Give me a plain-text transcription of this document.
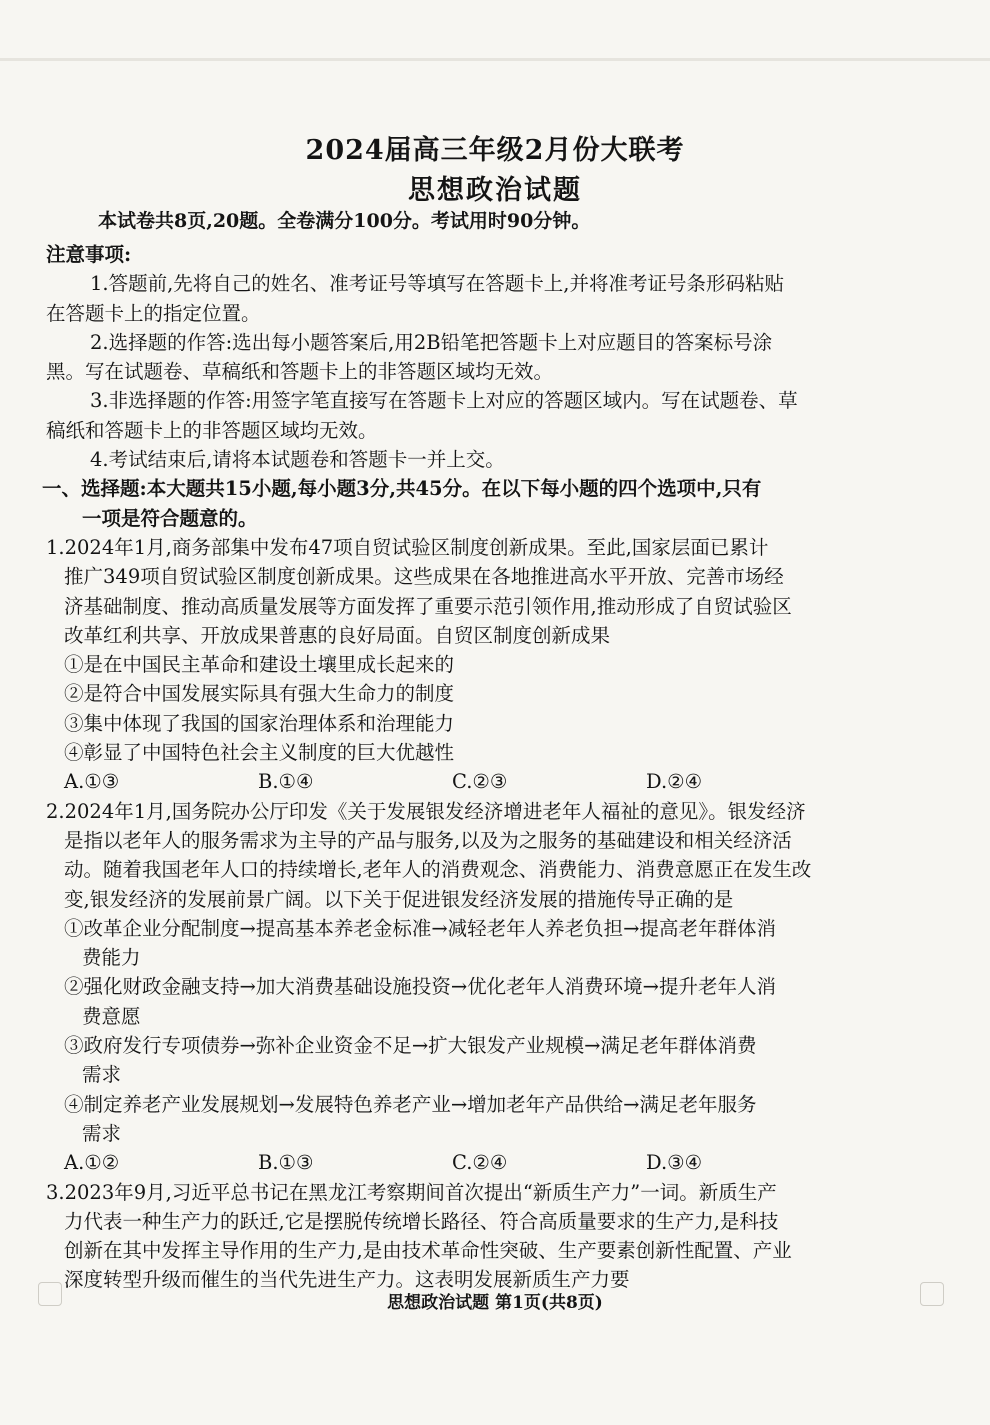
2024届高三年级2月份大联考
思想政治试题
本试卷共8页,20题。全卷满分100分。考试用时90分钟。
注意事项:
1.答题前,先将自己的姓名、准考证号等填写在答题卡上,并将准考证号条形码粘贴
在答题卡上的指定位置。
2.选择题的作答:选出每小题答案后,用2B铅笔把答题卡上对应题目的答案标号涂
黑。写在试题卷、草稿纸和答题卡上的非答题区域均无效。
3.非选择题的作答:用签字笔直接写在答题卡上对应的答题区域内。写在试题卷、草
稿纸和答题卡上的非答题区域均无效。
4.考试结束后,请将本试题卷和答题卡一并上交。
一、选择题:本大题共15小题,每小题3分,共45分。在以下每小题的四个选项中,只有
一项是符合题意的。
1.2024年1月,商务部集中发布47项自贸试验区制度创新成果。至此,国家层面已累计
推广349项自贸试验区制度创新成果。这些成果在各地推进高水平开放、完善市场经
济基础制度、推动高质量发展等方面发挥了重要示范引领作用,推动形成了自贸试验区
改革红利共享、开放成果普惠的良好局面。自贸区制度创新成果
①是在中国民主革命和建设土壤里成长起来的
②是符合中国发展实际具有强大生命力的制度
③集中体现了我国的国家治理体系和治理能力
④彰显了中国特色社会主义制度的巨大优越性
A.①③	B.①④	C.②③	D.②④
2.2024年1月,国务院办公厅印发《关于发展银发经济增进老年人福祉的意见》。银发经济
是指以老年人的服务需求为主导的产品与服务,以及为之服务的基础建设和相关经济活
动。随着我国老年人口的持续增长,老年人的消费观念、消费能力、消费意愿正在发生改
变,银发经济的发展前景广阔。以下关于促进银发经济发展的措施传导正确的是
①改革企业分配制度→提高基本养老金标准→减轻老年人养老负担→提高老年群体消
费能力
②强化财政金融支持→加大消费基础设施投资→优化老年人消费环境→提升老年人消
费意愿
③政府发行专项债券→弥补企业资金不足→扩大银发产业规模→满足老年群体消费
需求
④制定养老产业发展规划→发展特色养老产业→增加老年产品供给→满足老年服务
需求
A.①②	B.①③	C.②④	D.③④
3.2023年9月,习近平总书记在黑龙江考察期间首次提出“新质生产力”一词。新质生产
力代表一种生产力的跃迁,它是摆脱传统增长路径、符合高质量要求的生产力,是科技
创新在其中发挥主导作用的生产力,是由技术革命性突破、生产要素创新性配置、产业
深度转型升级而催生的当代先进生产力。这表明发展新质生产力要
思想政治试题 第1页(共8页)
